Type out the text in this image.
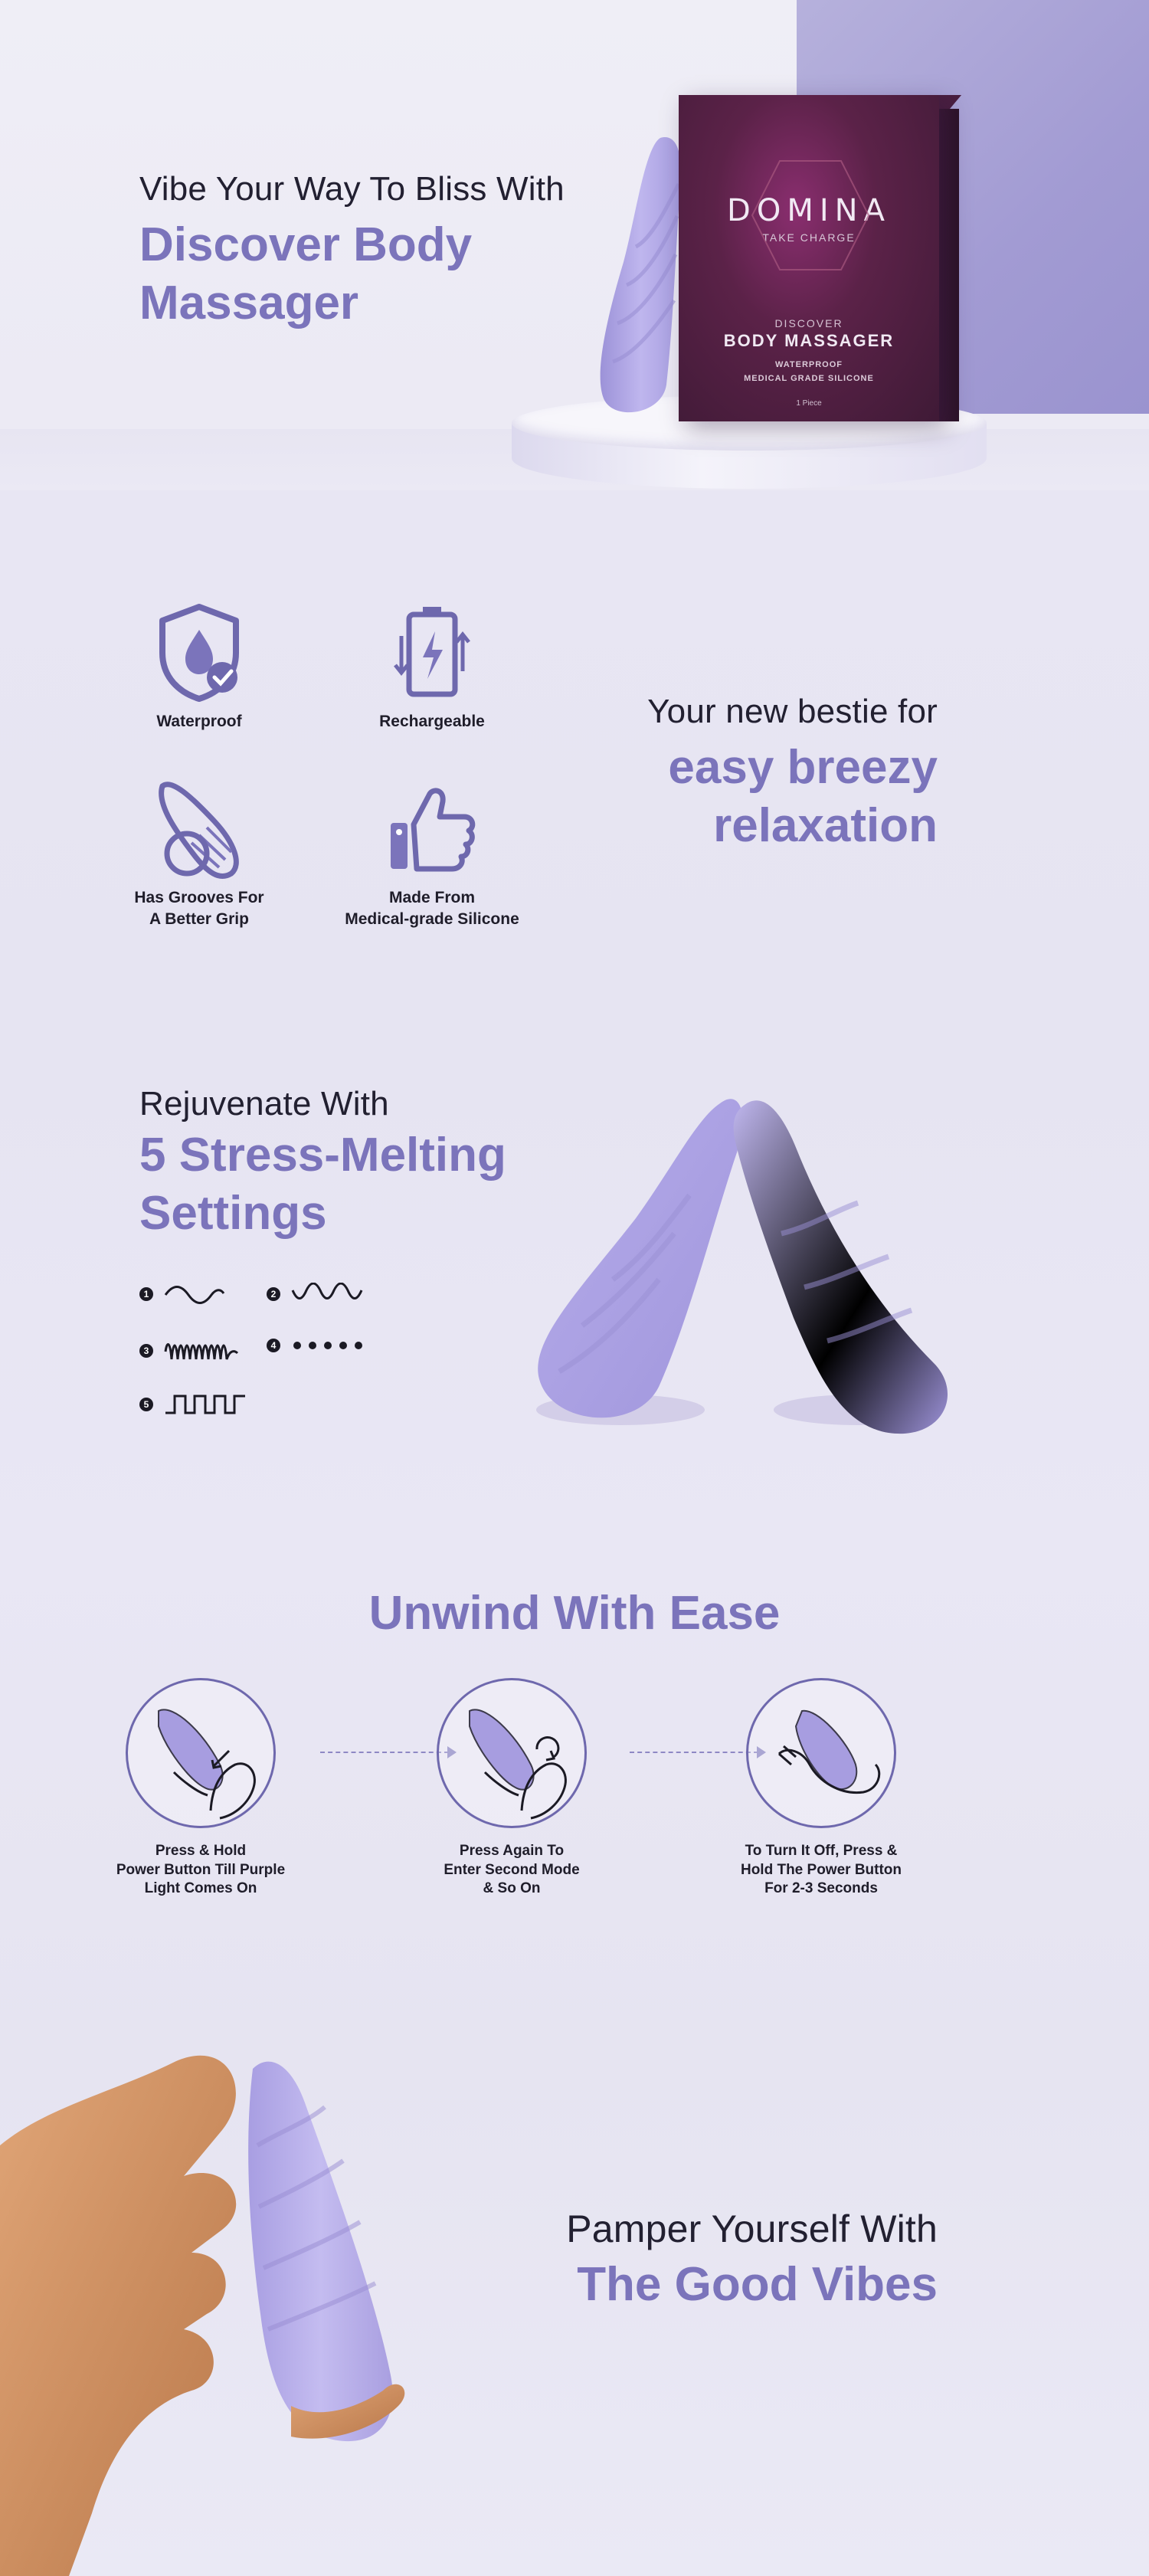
Vibe Your Way To Bliss With
Discover Body
Massager
DOMINA
TAKE CHARGE
DISCOVER
BODY MASSAGER
WATERPROOF
MEDICAL GRADE SILICONE
1 Piece
Waterproof	Rechargeable
Has Grooves For
A Better Grip
Made From
Medical-grade Silicone
Your new bestie for
easy breezy
relaxation
Rejuvenate With
5 Stress-Melting
Settings
1	2
3	4
5
Unwind With Ease
Press & Hold
Power Button Till Purple
Light Comes On
Press Again To
Enter Second Mode
& So On
To Turn It Off, Press &
Hold The Power Button
For 2-3 Seconds
Pamper Yourself With
The Good Vibes
